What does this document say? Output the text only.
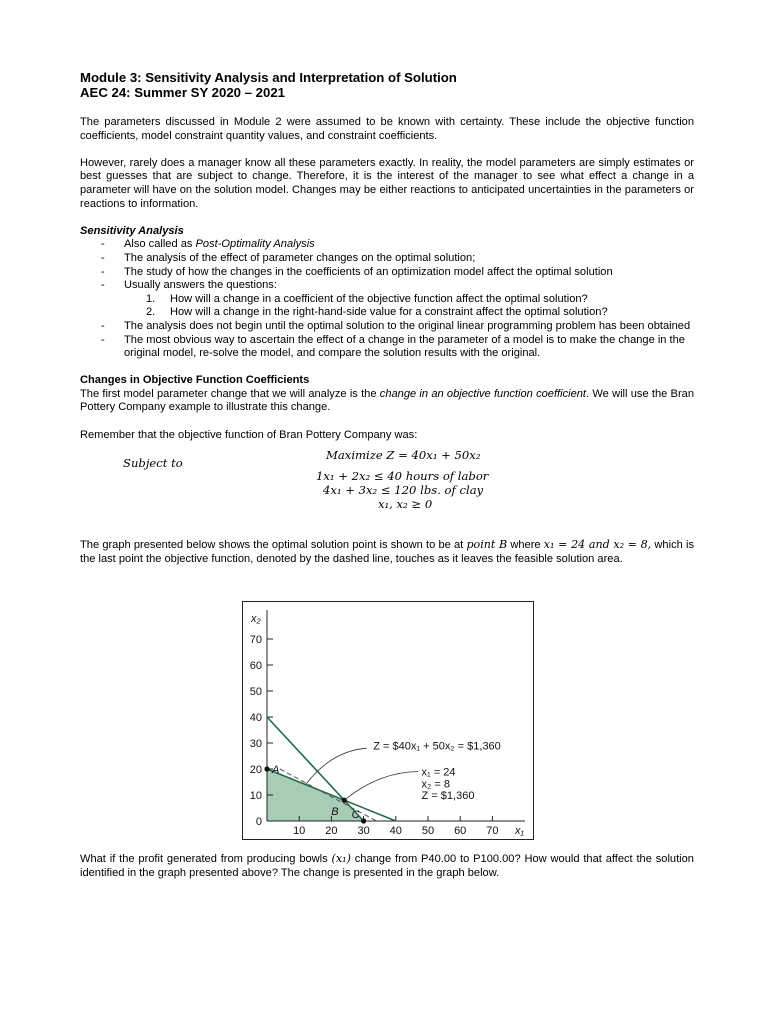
Module 3: Sensitivity Analysis and Interpretation of Solution

AEC 24: Summer SY 2020 – 2021

The parameters discussed in Module 2 were assumed to be known with certainty. These include the objective function coefficients, model constraint quantity values, and constraint coefficients.

However, rarely does a manager know all these parameters exactly. In reality, the model parameters are simply estimates or best guesses that are subject to change. Therefore, it is the interest of the manager to see what effect a change in a parameter will have on the solution model. Changes may be either reactions to anticipated uncertainties in the parameters or reactions to information.

Sensitivity Analysis

- Also called as Post-Optimality Analysis
- The analysis of the effect of parameter changes on the optimal solution;
- The study of how the changes in the coefficients of an optimization model affect the optimal solution
- Usually answers the questions:
1. How will a change in a coefficient of the objective function affect the optimal solution?
2. How will a change in the right-hand-side value for a constraint affect the optimal solution?
- The analysis does not begin until the optimal solution to the original linear programming problem has been obtained
- The most obvious way to ascertain the effect of a change in the parameter of a model is to make the change in the original model, re-solve the model, and compare the solution results with the original.

Changes in Objective Function Coefficients

The first model parameter change that we will analyze is the change in an objective function coefficient. We will use the Bran Pottery Company example to illustrate this change.

Remember that the objective function of Bran Pottery Company was:

Maximize Z = 40x₁ + 50x₂
Subject to
1x₁ + 2x₂ ≤ 40 hours of labor
4x₁ + 3x₂ ≤ 120 lbs. of clay
x₁, x₂ ≥ 0

The graph presented below shows the optimal solution point is shown to be at point B where x₁ = 24 and x₂ = 8, which is the last point the objective function, denoted by the dashed line, touches as it leaves the feasible solution area.

0
10
20
30
40
50
60
70
10 20 30 40 50 60 70
x₂
x₁
A
B C
Z = $40x₁ + 50x₂ = $1,360
x₁ = 24
x₂ = 8
Z = $1,360

What if the profit generated from producing bowls (x₁) change from P40.00 to P100.00? How would that affect the solution identified in the graph presented above? The change is presented in the graph below.
